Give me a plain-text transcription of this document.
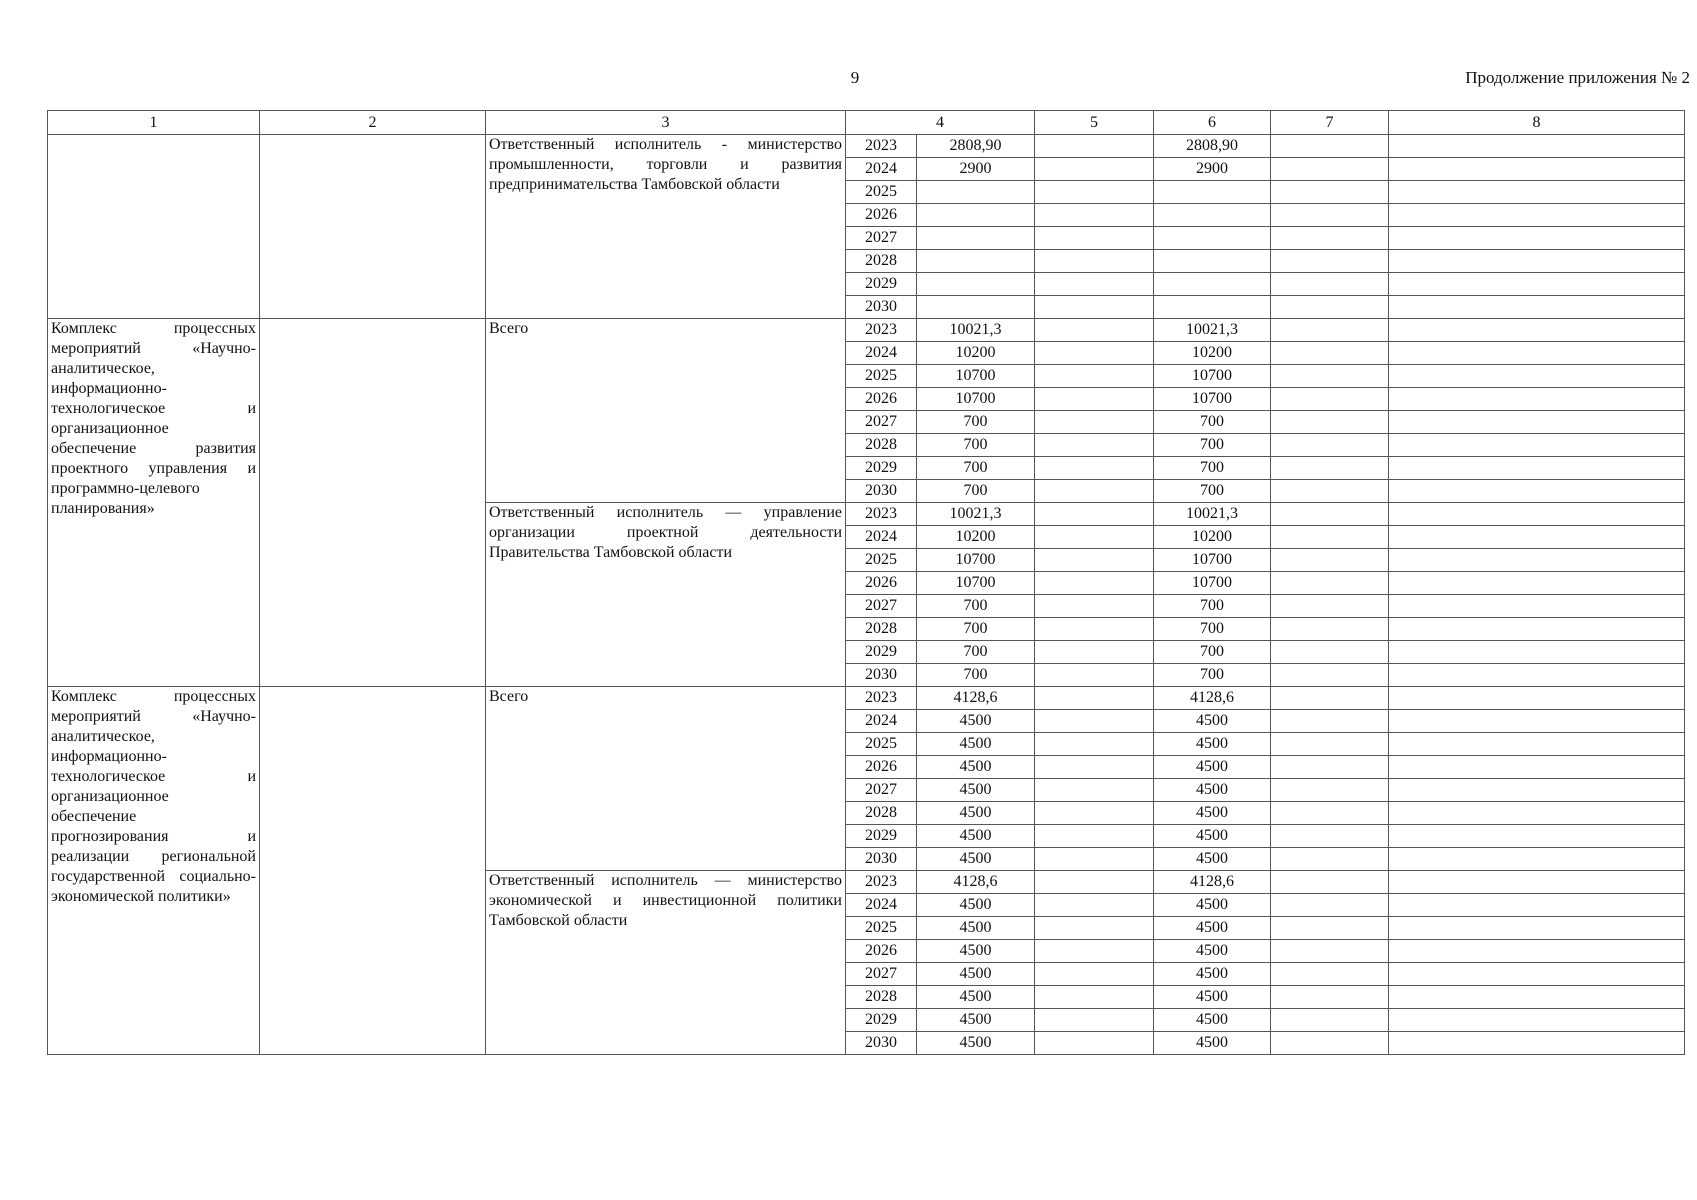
9	Продолжение приложения № 2
1	2	3	4		5	6	7	8
		Ответственный исполнитель - министерство промышленности, торговли и развития предпринимательства Тамбовской области	2023	2808,90		2808,90		
			2024	2900		2900		
			2025					
			2026					
			2027					
			2028					
			2029					
			2030					
Комплекс процессных мероприятий «Научно-аналитическое, информационно-технологическое и организационное обеспечение развития проектного управления и программно-целевого планирования»		Всего	2023	10021,3		10021,3		
			2024	10200		10200		
			2025	10700		10700		
			2026	10700		10700		
			2027	700		700		
			2028	700		700		
			2029	700		700		
			2030	700		700		
		Ответственный исполнитель — управление организации проектной деятельности Правительства Тамбовской области	2023	10021,3		10021,3		
			2024	10200		10200		
			2025	10700		10700		
			2026	10700		10700		
			2027	700		700		
			2028	700		700		
			2029	700		700		
			2030	700		700		
Комплекс процессных мероприятий «Научно-аналитическое, информационно-технологическое и организационное обеспечение прогнозирования и реализации региональной государственной социально-экономической политики»		Всего	2023	4128,6		4128,6		
			2024	4500		4500		
			2025	4500		4500		
			2026	4500		4500		
			2027	4500		4500		
			2028	4500		4500		
			2029	4500		4500		
			2030	4500		4500		
		Ответственный исполнитель — министерство экономической и инвестиционной политики Тамбовской области	2023	4128,6		4128,6		
			2024	4500		4500		
			2025	4500		4500		
			2026	4500		4500		
			2027	4500		4500		
			2028	4500		4500		
			2029	4500		4500		
			2030	4500		4500		
